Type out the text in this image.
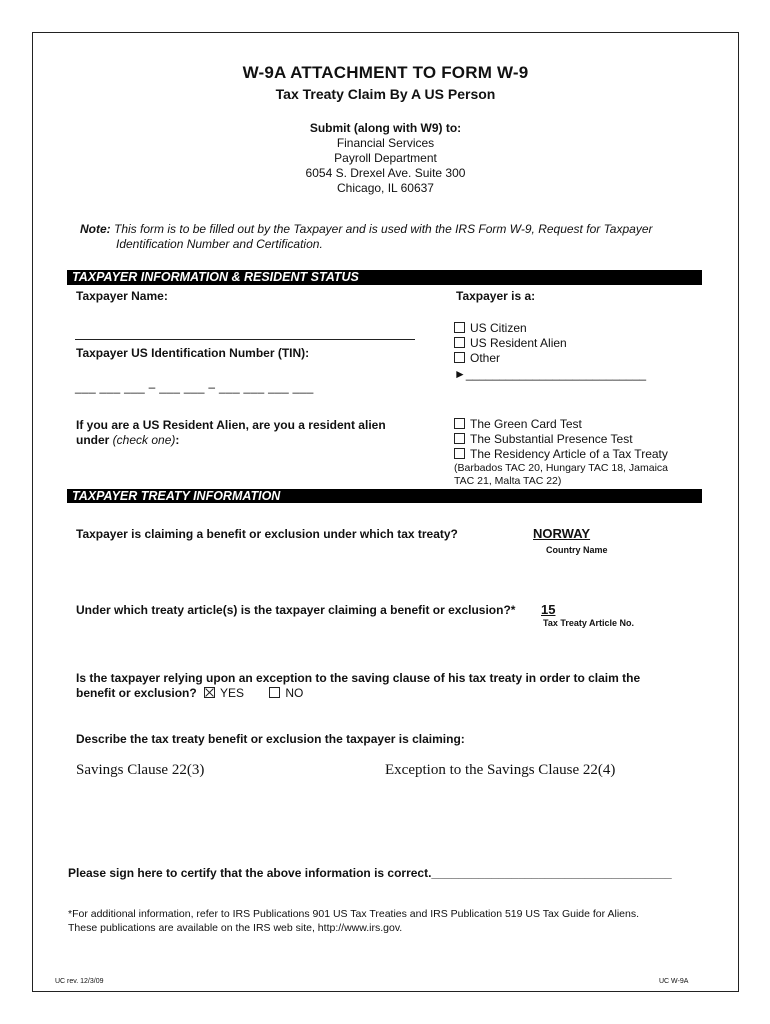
W-9A ATTACHMENT TO FORM W-9
Tax Treaty Claim By A US Person
Submit (along with W9) to:
Financial Services
Payroll Department
6054 S. Drexel Ave. Suite 300
Chicago, IL 60637
Note: This form is to be filled out by the Taxpayer and is used with the IRS Form W-9, Request for Taxpayer
Identification Number and Certification.
TAXPAYER INFORMATION & RESIDENT STATUS
Taxpayer Name:	Taxpayer is a:
US Citizen
US Resident Alien
Other
►___________________________
Taxpayer US Identification Number (TIN):
___ ___ ___ – ___ ___ – ___ ___ ___ ___
If you are a US Resident Alien, are you a resident alien
under (check one):
The Green Card Test
The Substantial Presence Test
The Residency Article of a Tax Treaty
(Barbados TAC 20, Hungary TAC 18, Jamaica
TAC 21, Malta TAC 22)
TAXPAYER TREATY INFORMATION
Taxpayer is claiming a benefit or exclusion under which tax treaty?	NORWAY
Country Name
Under which treaty article(s) is the taxpayer claiming a benefit or exclusion?* 15
Tax Treaty Article No.
Is the taxpayer relying upon an exception to the saving clause of his tax treaty in order to claim the
benefit or exclusion? YES	NO
Describe the tax treaty benefit or exclusion the taxpayer is claiming:
Savings Clause 22(3)	Exception to the Savings Clause 22(4)
Please sign here to certify that the above information is correct.____________________________________
*For additional information, refer to IRS Publications 901 US Tax Treaties and IRS Publication 519 US Tax Guide for Aliens.
These publications are available on the IRS web site, http://www.irs.gov.
UC rev. 12/3/09	UC W-9A
